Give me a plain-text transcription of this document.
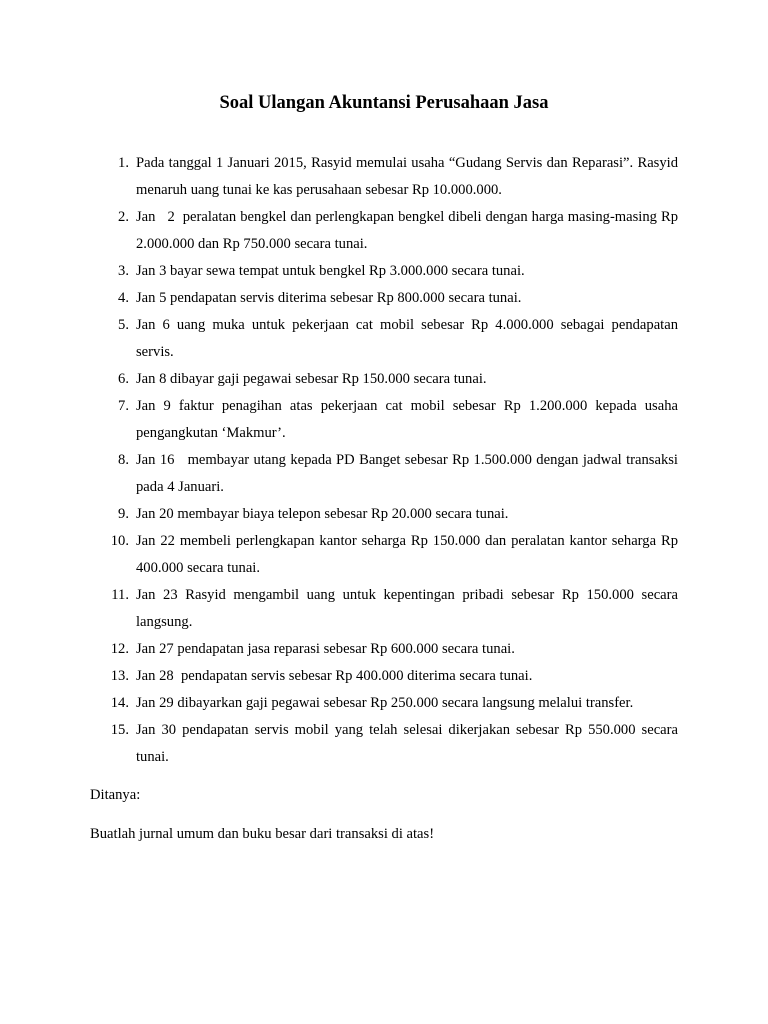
Soal Ulangan Akuntansi Perusahaan Jasa
1. Pada tanggal 1 Januari 2015, Rasyid memulai usaha “Gudang Servis dan Reparasi”. Rasyid menaruh uang tunai ke kas perusahaan sebesar Rp 10.000.000.
2. Jan   2  peralatan bengkel dan perlengkapan bengkel dibeli dengan harga masing-masing Rp 2.000.000 dan Rp 750.000 secara tunai.
3. Jan 3 bayar sewa tempat untuk bengkel Rp 3.000.000 secara tunai.
4. Jan 5 pendapatan servis diterima sebesar Rp 800.000 secara tunai.
5. Jan 6 uang muka untuk pekerjaan cat mobil sebesar Rp 4.000.000 sebagai pendapatan servis.
6. Jan 8 dibayar gaji pegawai sebesar Rp 150.000 secara tunai.
7. Jan 9 faktur penagihan atas pekerjaan cat mobil sebesar Rp 1.200.000 kepada usaha pengangkutan ‘Makmur’.
8. Jan 16   membayar utang kepada PD Banget sebesar Rp 1.500.000 dengan jadwal transaksi pada 4 Januari.
9. Jan 20 membayar biaya telepon sebesar Rp 20.000 secara tunai.
10. Jan 22 membeli perlengkapan kantor seharga Rp 150.000 dan peralatan kantor seharga Rp 400.000 secara tunai.
11. Jan 23 Rasyid mengambil uang untuk kepentingan pribadi sebesar Rp 150.000 secara langsung.
12. Jan 27 pendapatan jasa reparasi sebesar Rp 600.000 secara tunai.
13. Jan 28  pendapatan servis sebesar Rp 400.000 diterima secara tunai.
14. Jan 29 dibayarkan gaji pegawai sebesar Rp 250.000 secara langsung melalui transfer.
15. Jan 30 pendapatan servis mobil yang telah selesai dikerjakan sebesar Rp 550.000 secara tunai.
Ditanya:
Buatlah jurnal umum dan buku besar dari transaksi di atas!
